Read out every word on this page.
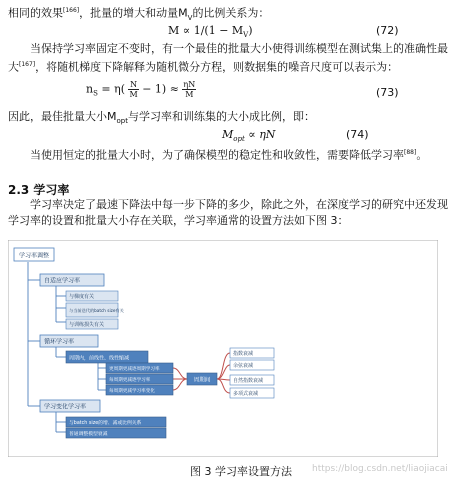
相同的效果[166]，批量的增大和动量$M_V$的比例关系为：
$M \propto 1/(1 - M_V)$	(72)
当保持学习率固定不变时，有一个最佳的批量大小使得训练模型在测试集上的准确性最
大[167]，将随机梯度下降解释为随机微分方程，则数据集的噪音尺度可以表示为：
$n_S = \eta( \frac{N}{M} - 1) \approx \frac{\eta N}{M}$	(73)
因此，最佳批量大小$M_{opt}$与学习率和训练集的大小成比例，即：
$M_{opt} \propto \eta N$	(74)
当使用恒定的批量大小时，为了确保模型的稳定性和收敛性，需要降低学习率[88]。
2.3 学习率
学习率决定了最速下降法中每一步下降的多少，除此之外，在深度学习的研究中还发现
学习率的设置和批量大小存在关联，学习率通常的设置方法如下图 3：
学习率调整
自适应学习率
与梯度有关
与当前迭代的batch size有关
与训练损失有关
循环学习率
周期内，前线性、线性缩减
更周期更减逐周期学习率
每周期更减逐学习率
每周期更减学习率变化
周期间
指数衰减
余弦衰减
自然指数衰减
多项式衰减
学习变化学习率
与batch size的增、减或比例关系
普通调整模型衰减
图 3 学习率设置方法 https://blog.csdn.net/liaojiacai
